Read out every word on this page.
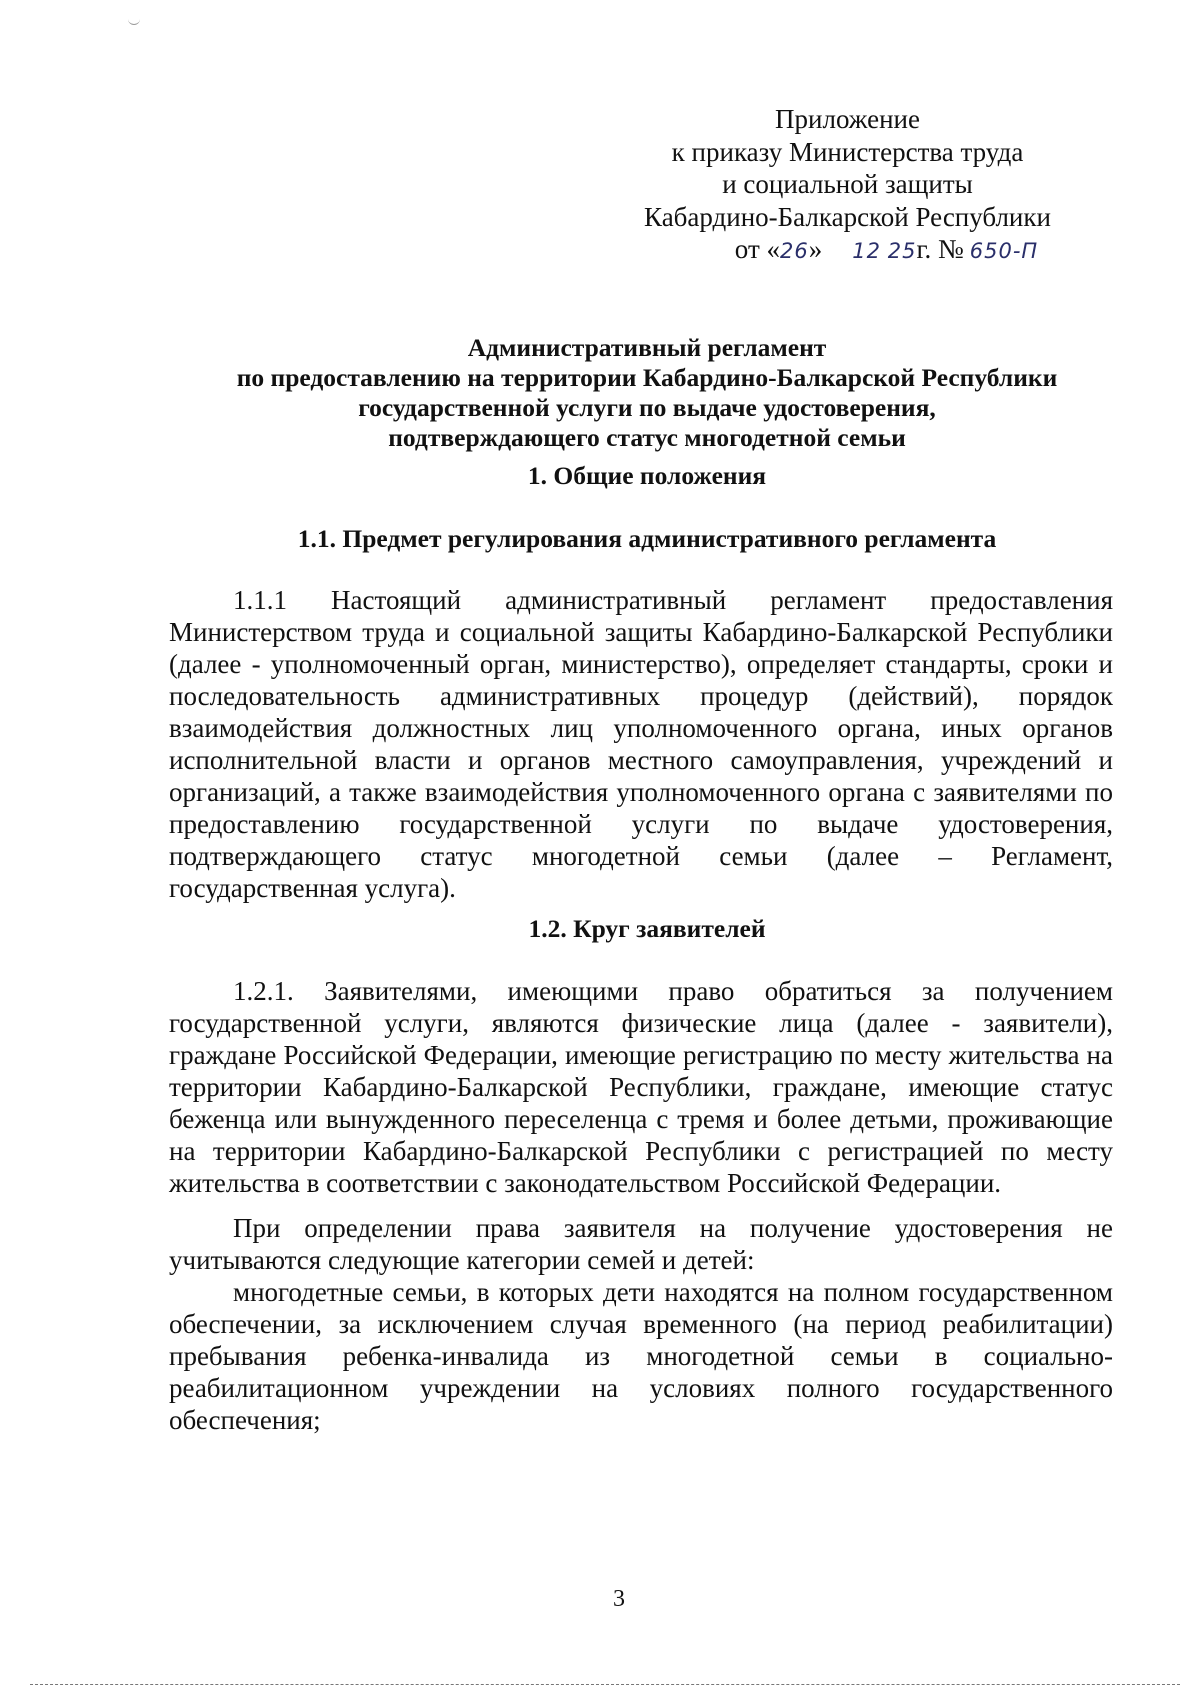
Приложение
к приказу Министерства труда
и социальной защиты
Кабардино-Балкарской Республики
от «26» 12 25г. № 650-П
Административный регламент
по предоставлению на территории Кабардино-Балкарской Республики
государственной услуги по выдаче удостоверения,
подтверждающего статус многодетной семьи
1. Общие положения
1.1. Предмет регулирования административного регламента

1.1.1 Настоящий административный регламент предоставления Министерством труда и социальной защиты Кабардино-Балкарской Республики (далее - уполномоченный орган, министерство), определяет стандарты, сроки и последовательность административных процедур (действий), порядок взаимодействия должностных лиц уполномоченного органа, иных органов исполнительной власти и органов местного самоуправления, учреждений и организаций, а также взаимодействия уполномоченного органа с заявителями по предоставлению государственной услуги по выдаче удостоверения, подтверждающего статус многодетной семьи (далее – Регламент, государственная услуга).

1.2. Круг заявителей

1.2.1. Заявителями, имеющими право обратиться за получением государственной услуги, являются физические лица (далее - заявители), граждане Российской Федерации, имеющие регистрацию по месту жительства на территории Кабардино-Балкарской Республики, граждане, имеющие статус беженца или вынужденного переселенца с тремя и более детьми, проживающие на территории Кабардино-Балкарской Республики с регистрацией по месту жительства в соответствии с законодательством Российской Федерации.

При определении права заявителя на получение удостоверения не учитываются следующие категории семей и детей:

многодетные семьи, в которых дети находятся на полном государственном обеспечении, за исключением случая временного (на период реабилитации) пребывания ребенка-инвалида из многодетной семьи в социально-реабилитационном учреждении на условиях полного государственного обеспечения;

3
